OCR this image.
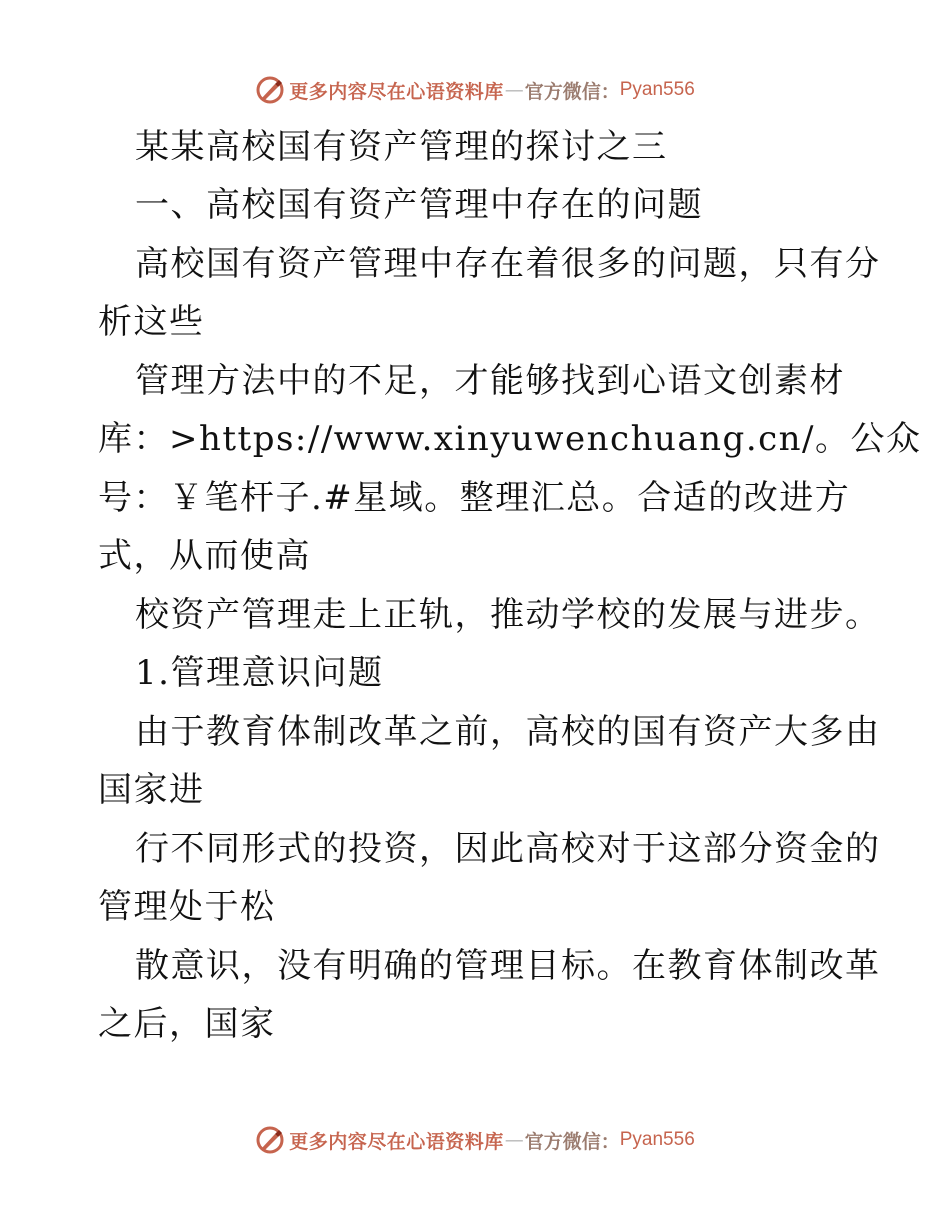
更多内容尽在心语资料库 — 官方微信： Pyan556
某某高校国有资产管理的探讨之三
一、高校国有资产管理中存在的问题
高校国有资产管理中存在着很多的问题，只有分
析这些
管理方法中的不足，才能够找到心语文创素材
库：>https://www.xinyuwenchuang.cn/。公众
号：￥笔杆子.#星域。整理汇总。合适的改进方
式，从而使高
校资产管理走上正轨，推动学校的发展与进步。
1.管理意识问题
由于教育体制改革之前，高校的国有资产大多由
国家进
行不同形式的投资，因此高校对于这部分资金的
管理处于松
散意识，没有明确的管理目标。在教育体制改革
之后，国家
更多内容尽在心语资料库 — 官方微信： Pyan556
